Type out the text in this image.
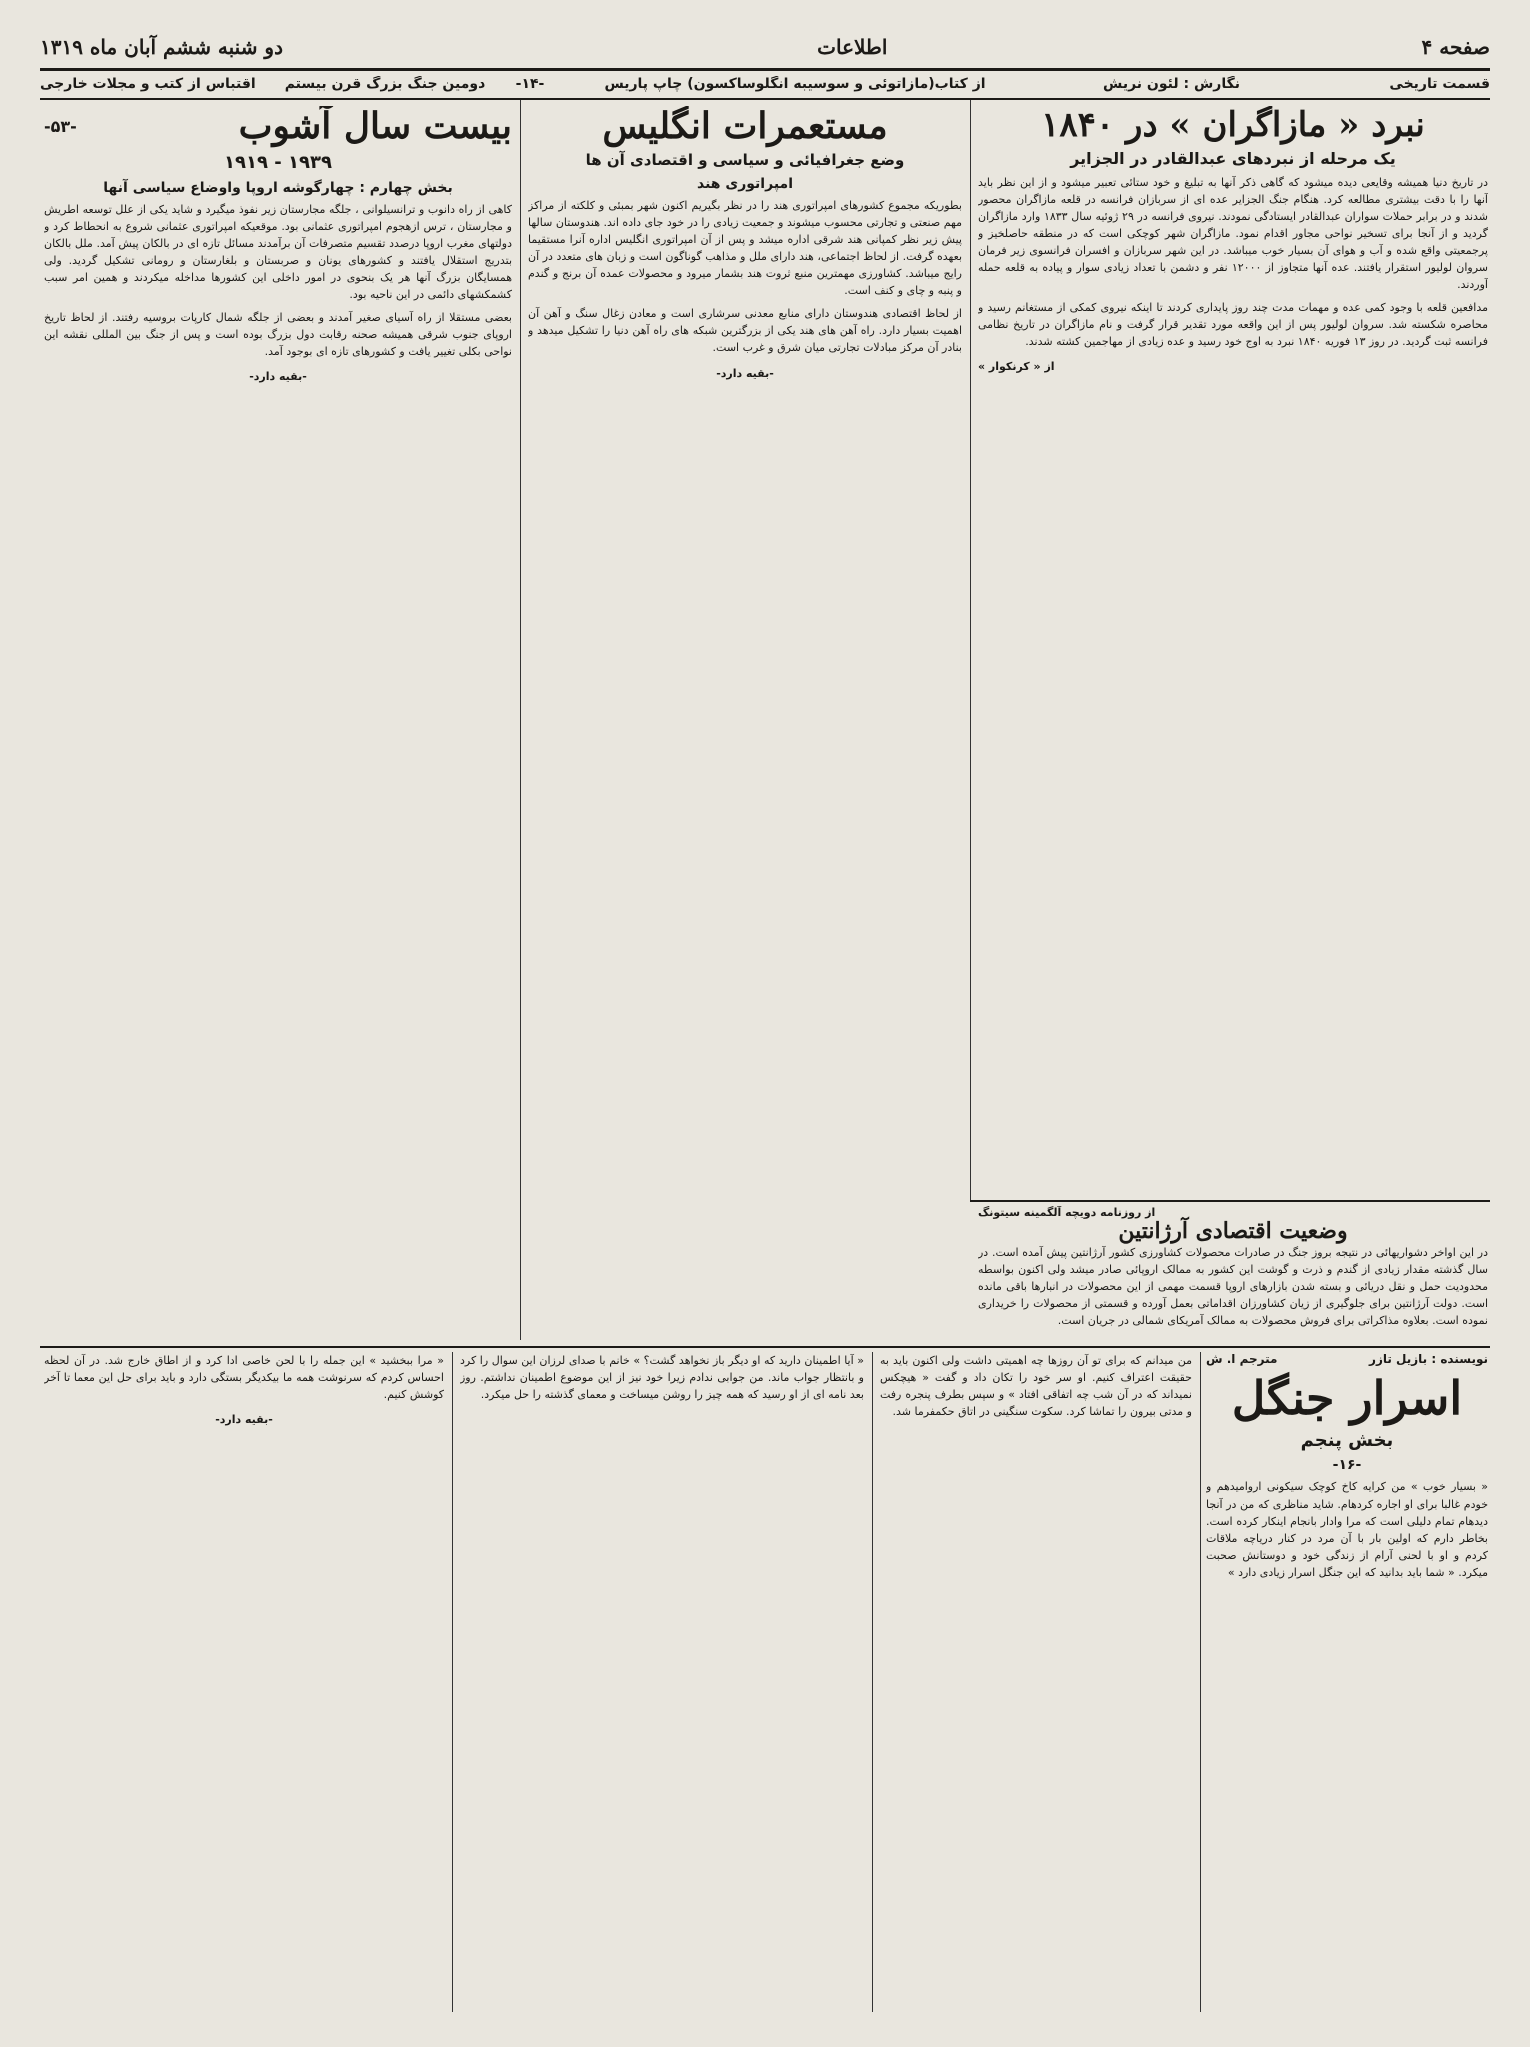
صفحه ۴
اطلاعات
دو شنبه ششم آبان ماه ۱۳۱۹
قسمت تاریخی
نگارش : لئون نریش
از کتاب(مازاتوئی و سوسیبه انگلوساکسون) چاپ پاریس
-۱۴-
دومین جنگ بزرگ قرن بیستم
اقتباس از کتب و مجلات خارجی
نبرد « مازاگران » در ۱۸۴۰
یک مرحله از نبردهای عبدالقادر در الجزایر

در تاریخ دنیا همیشه وقایعی دیده میشود که گاهی ذکر آنها به تبلیغ و خود ستائی تعبیر میشود و از این نظر باید آنها را با دقت بیشتری مطالعه کرد. هنگام جنگ الجزایر عده ای از سربازان فرانسه در قلعه مازاگران محصور شدند و در برابر حملات سواران عبدالقادر ایستادگی نمودند. نیروی فرانسه در ۲۹ ژوئیه سال ۱۸۳۳ وارد مازاگران گردید و از آنجا برای تسخیر نواحی مجاور اقدام نمود. مازاگران شهر کوچکی است که در منطقه حاصلخیز و پرجمعیتی واقع شده و آب و هوای آن بسیار خوب میباشد. در این شهر سربازان و افسران فرانسوی زیر فرمان سروان لولیور استقرار یافتند. عده آنها متجاوز از ۱۲۰۰۰ نفر و دشمن با تعداد زیادی سوار و پیاده به قلعه حمله آوردند.

مدافعین قلعه با وجود کمی عده و مهمات مدت چند روز پایداری کردند تا اینکه نیروی کمکی از مستغانم رسید و محاصره شکسته شد. سروان لولیور پس از این واقعه مورد تقدیر قرار گرفت و نام مازاگران در تاریخ نظامی فرانسه ثبت گردید. در روز ۱۳ فوریه ۱۸۴۰ نبرد به اوج خود رسید و عده زیادی از مهاجمین کشته شدند.

از « کرنکوار »

مستعمرات انگلیس
وضع جغرافیائی و سیاسی و اقتصادی آن ها
امپراتوری هند

بطوریکه مجموع کشورهای امپراتوری هند را در نظر بگیریم اکنون شهر بمبئی و کلکته از مراکز مهم صنعتی و تجارتی محسوب میشوند و جمعیت زیادی را در خود جای داده اند. هندوستان سالها پیش زیر نظر کمپانی هند شرقی اداره میشد و پس از آن امپراتوری انگلیس اداره آنرا مستقیما بعهده گرفت. از لحاظ اجتماعی، هند دارای ملل و مذاهب گوناگون است و زبان های متعدد در آن رایج میباشد. کشاورزی مهمترین منبع ثروت هند بشمار میرود و محصولات عمده آن برنج و گندم و پنبه و چای و کنف است.

از لحاظ اقتصادی هندوستان دارای منابع معدنی سرشاری است و معادن زغال سنگ و آهن آن اهمیت بسیار دارد. راه آهن های هند یکی از بزرگترین شبکه های راه آهن دنیا را تشکیل میدهد و بنادر آن مرکز مبادلات تجارتی میان شرق و غرب است.

-بقیه دارد-

بیست سال آشوب
-۵۳-
۱۹۳۹ - ۱۹۱۹
بخش چهارم : چهارگوشه اروپا واوضاع سیاسی آنها

کاهی از راه دانوب و ترانسیلوانی ، جلگه مجارستان زیر نفوذ میگیرد و شاید یکی از علل توسعه اطریش و مجارستان ، ترس ازهجوم امپراتوری عثمانی بود. موقعیکه امپراتوری عثمانی شروع به انحطاط کرد و دولتهای مغرب اروپا درصدد تقسیم متصرفات آن برآمدند مسائل تازه ای در بالکان پیش آمد. ملل بالکان بتدریج استقلال یافتند و کشورهای یونان و صربستان و بلغارستان و رومانی تشکیل گردید. ولی همسایگان بزرگ آنها هر یک بنحوی در امور داخلی این کشورها مداخله میکردند و همین امر سبب کشمکشهای دائمی در این ناحیه بود.

بعضی مستقلا از راه آسیای صغیر آمدند و بعضی از جلگه شمال کارپات بروسیه رفتند. از لحاظ تاریخ اروپای جنوب شرقی همیشه صحنه رقابت دول بزرگ بوده است و پس از جنگ بین المللی نقشه این نواحی بکلی تغییر یافت و کشورهای تازه ای بوجود آمد.

-بقیه دارد-

از روزنامه دویچه آلگمینه سیتونگ
وضعیت اقتصادی آرژانتین

در این اواخر دشواریهائی در نتیجه بروز جنگ در صادرات محصولات کشاورزی کشور آرژانتین پیش آمده است. در سال گذشته مقدار زیادی از گندم و ذرت و گوشت این کشور به ممالک اروپائی صادر میشد ولی اکنون بواسطه محدودیت حمل و نقل دریائی و بسته شدن بازارهای اروپا قسمت مهمی از این محصولات در انبارها باقی مانده است. دولت آرژانتین برای جلوگیری از زیان کشاورزان اقداماتی بعمل آورده و قسمتی از محصولات را خریداری نموده است. بعلاوه مذاکراتی برای فروش محصولات به ممالک آمریکای شمالی در جریان است.

نویسنده : بازیل تازر
مترجم ا. ش
اسرار جنگل
بخش پنجم
-۱۶-

« بسیار خوب » من کرایه کاخ کوچک سیکونی اروامیدهم و خودم غالبا برای او اجاره کردهام. شاید مناظری که من در آنجا دیدهام تمام دلیلی است که مرا وادار بانجام اینکار کرده است. بخاطر دارم که اولین بار با آن مرد در کنار دریاچه ملاقات کردم و او با لحنی آرام از زندگی خود و دوستانش صحبت میکرد. « شما باید بدانید که این جنگل اسرار زیادی دارد »

من میدانم که برای تو آن روزها چه اهمیتی داشت ولی اکنون باید به حقیقت اعتراف کنیم. او سر خود را تکان داد و گفت « هیچکس نمیداند که در آن شب چه اتفاقی افتاد » و سپس بطرف پنجره رفت و مدتی بیرون را تماشا کرد. سکوت سنگینی در اتاق حکمفرما شد.

« آیا اطمینان دارید که او دیگر باز نخواهد گشت؟ » خانم با صدای لرزان این سوال را کرد و بانتظار جواب ماند. من جوابی ندادم زیرا خود نیز از این موضوع اطمینان نداشتم. روز بعد نامه ای از او رسید که همه چیز را روشن میساخت و معمای گذشته را حل میکرد.

« مرا ببخشید » این جمله را با لحن خاصی ادا کرد و از اطاق خارج شد. در آن لحظه احساس کردم که سرنوشت همه ما بیکدیگر بستگی دارد و باید برای حل این معما تا آخر کوشش کنیم.

-بقیه دارد-
